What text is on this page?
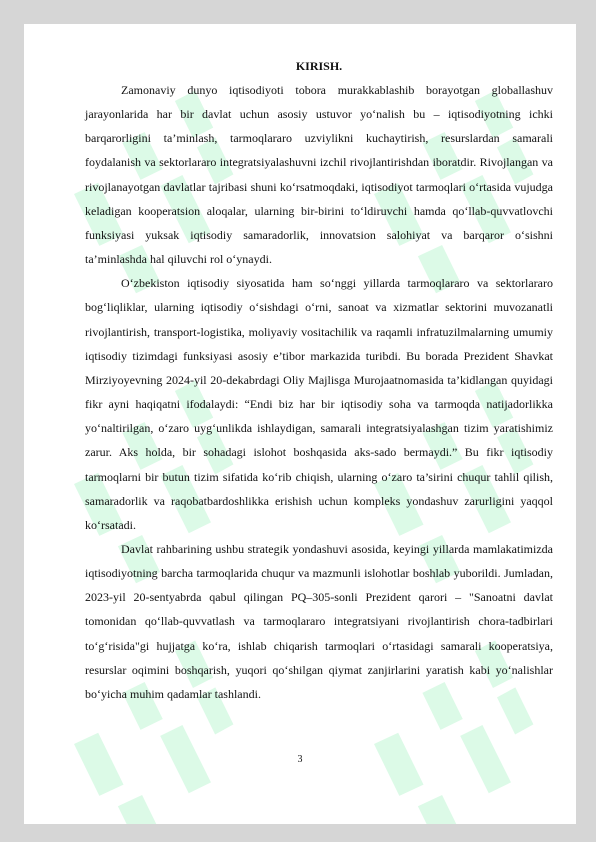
KIRISH.

Zamonaviy dunyo iqtisodiyoti tobora murakkablashib borayotgan globallashuv jarayonlarida har bir davlat uchun asosiy ustuvor yo‘nalish bu – iqtisodiyotning ichki barqarorligini ta’minlash, tarmoqlararo uzviylikni kuchaytirish, resurslardan samarali foydalanish va sektorlararo integratsiyalashuvni izchil rivojlantirishdan iboratdir. Rivojlangan va rivojlanayotgan davlatlar tajribasi shuni ko‘rsatmoqdaki, iqtisodiyot tarmoqlari o‘rtasida vujudga keladigan kooperatsion aloqalar, ularning bir-birini to‘ldiruvchi hamda qo‘llab-quvvatlovchi funksiyasi yuksak iqtisodiy samaradorlik, innovatsion salohiyat va barqaror o‘sishni ta’minlashda hal qiluvchi rol o‘ynaydi.

O‘zbekiston iqtisodiy siyosatida ham so‘nggi yillarda tarmoqlararo va sektorlararo bog‘liqliklar, ularning iqtisodiy o‘sishdagi o‘rni, sanoat va xizmatlar sektorini muvozanatli rivojlantirish, transport-logistika, moliyaviy vositachilik va raqamli infratuzilmalarning umumiy iqtisodiy tizimdagi funksiyasi asosiy e’tibor markazida turibdi. Bu borada Prezident Shavkat Mirziyoyevning 2024-yil 20-dekabrdagi Oliy Majlisga Murojaatnomasida ta’kidlangan quyidagi fikr ayni haqiqatni ifodalaydi: “Endi biz har bir iqtisodiy soha va tarmoqda natijadorlikka yo‘naltirilgan, o‘zaro uyg‘unlikda ishlaydigan, samarali integratsiyalashgan tizim yaratishimiz zarur. Aks holda, bir sohadagi islohot boshqasida aks-sado bermaydi.” Bu fikr iqtisodiy tarmoqlarni bir butun tizim sifatida ko‘rib chiqish, ularning o‘zaro ta’sirini chuqur tahlil qilish, samaradorlik va raqobatbardoshlikka erishish uchun kompleks yondashuv zarurligini yaqqol ko‘rsatadi.

Davlat rahbarining ushbu strategik yondashuvi asosida, keyingi yillarda mamlakatimizda iqtisodiyotning barcha tarmoqlarida chuqur va mazmunli islohotlar boshlab yuborildi. Jumladan, 2023-yil 20-sentyabrda qabul qilingan PQ–305-sonli Prezident qarori – "Sanoatni davlat tomonidan qo‘llab-quvvatlash va tarmoqlararo integratsiyani rivojlantirish chora-tadbirlari to‘g‘risida"gi hujjatga ko‘ra, ishlab chiqarish tarmoqlari o‘rtasidagi samarali kooperatsiya, resurslar oqimini boshqarish, yuqori qo‘shilgan qiymat zanjirlarini yaratish kabi yo‘nalishlar bo‘yicha muhim qadamlar tashlandi.

3
